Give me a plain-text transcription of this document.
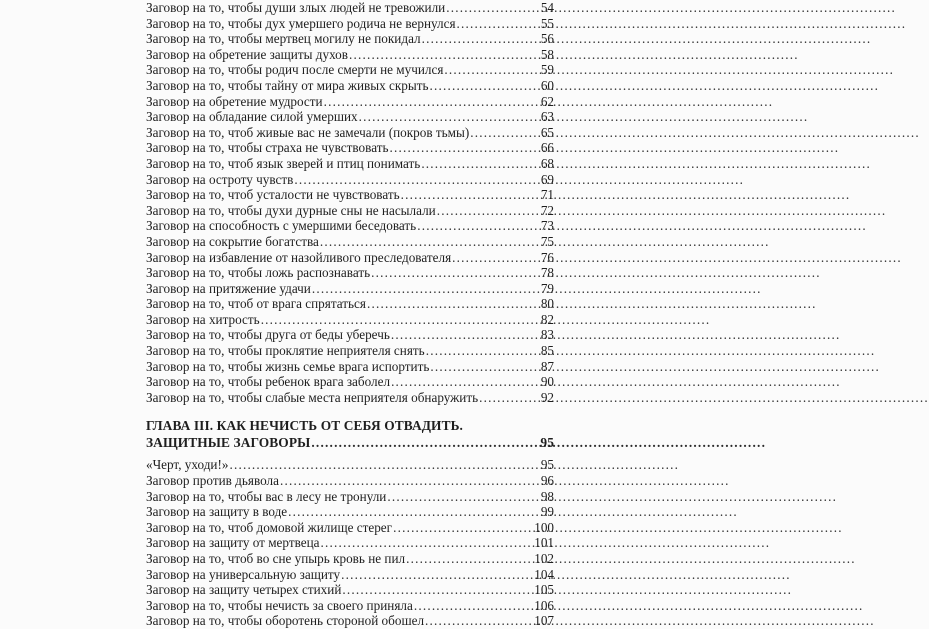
Заговор на то, чтобы души злых людей не тревожили .....	54
Заговор на то, чтобы дух умершего родича не вернулся .....	55
Заговор на то, чтобы мертвец могилу не покидал .....	56
Заговор на обретение защиты духов .....	58
Заговор на то, чтобы родич после смерти не мучился .....	59
Заговор на то, чтобы тайну от мира живых скрыть .....	60
Заговор на обретение мудрости .....	62
Заговор на обладание силой умерших .....	63
Заговор на то, чтоб живые вас не замечали (покров тьмы) .....	65
Заговор на то, чтобы страха не чувствовать .....	66
Заговор на то, чтоб язык зверей и птиц понимать .....	68
Заговор на остроту чувств .....	69
Заговор на то, чтоб усталости не чувствовать .....	71
Заговор на то, чтобы духи дурные сны не насылали .....	72
Заговор на способность с умершими беседовать .....	73
Заговор на сокрытие богатства .....	75
Заговор на избавление от назойливого преследователя .....	76
Заговор на то, чтобы ложь распознавать .....	78
Заговор на притяжение удачи .....	79
Заговор на то, чтоб от врага спрятаться .....	80
Заговор на хитрость .....	82
Заговор на то, чтобы друга от беды уберечь .....	83
Заговор на то, чтобы проклятие неприятеля снять .....	85
Заговор на то, чтобы жизнь семье врага испортить .....	87
Заговор на то, чтобы ребенок врага заболел .....	90
Заговор на то, чтобы слабые места неприятеля обнаружить .....	92
ГЛАВА III. КАК НЕЧИСТЬ ОТ СЕБЯ ОТВАДИТЬ.
ЗАЩИТНЫЕ ЗАГОВОРЫ .....	95
«Черт, уходи!» .....	95
Заговор против дьявола .....	96
Заговор на то, чтобы вас в лесу не тронули .....	98
Заговор на защиту в воде .....	99
Заговор на то, чтоб домовой жилище стерег .....	100
Заговор на защиту от мертвеца .....	101
Заговор на то, чтоб во сне упырь кровь не пил .....	102
Заговор на универсальную защиту .....	104
Заговор на защиту четырех стихий .....	105
Заговор на то, чтобы нечисть за своего приняла .....	106
Заговор на то, чтобы оборотень стороной обошел .....	107
